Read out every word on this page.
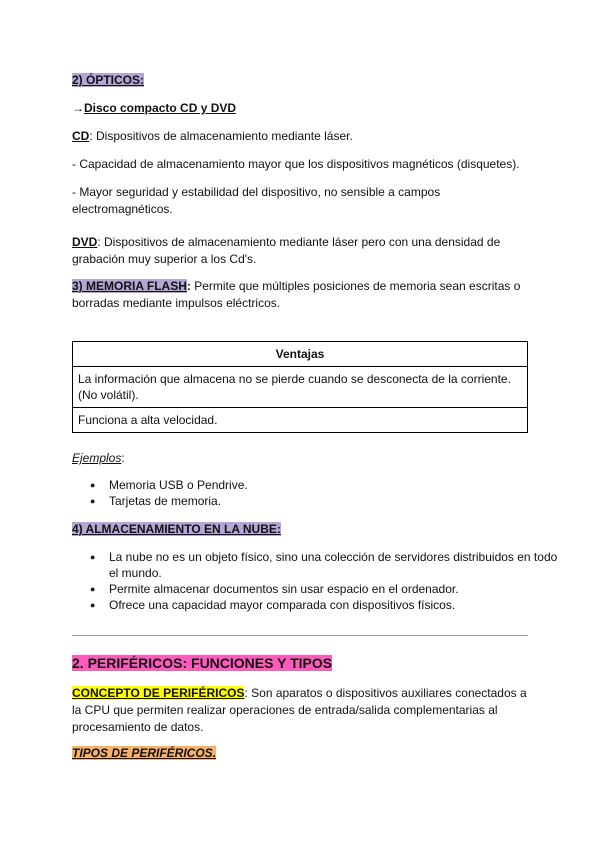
2) ÓPTICOS:
→Disco compacto CD y DVD
CD: Dispositivos de almacenamiento mediante láser.
- Capacidad de almacenamiento mayor que los dispositivos magnéticos (disquetes).
- Mayor seguridad y estabilidad del dispositivo, no sensible a campos electromagnéticos.
DVD: Dispositivos de almacenamiento mediante láser pero con una densidad de grabación muy superior a los Cd's.
3) MEMORIA FLASH: Permite que múltiples posiciones de memoria sean escritas o borradas mediante impulsos eléctricos.
Ventajas
La información que almacena no se pierde cuando se desconecta de la corriente. (No volátil).
Funciona a alta velocidad.
Ejemplos:
● Memoria USB o Pendrive.
● Tarjetas de memoria.
4) ALMACENAMIENTO EN LA NUBE:
● La nube no es un objeto físico, sino una colección de servidores distribuidos en todo el mundo.
● Permite almacenar documentos sin usar espacio en el ordenador.
● Ofrece una capacidad mayor comparada con dispositivos físicos.
2. PERIFÉRICOS: FUNCIONES Y TIPOS
CONCEPTO DE PERIFÉRICOS: Son aparatos o dispositivos auxiliares conectados a la CPU que permiten realizar operaciones de entrada/salida complementarias al procesamiento de datos.
TIPOS DE PERIFÉRICOS.
